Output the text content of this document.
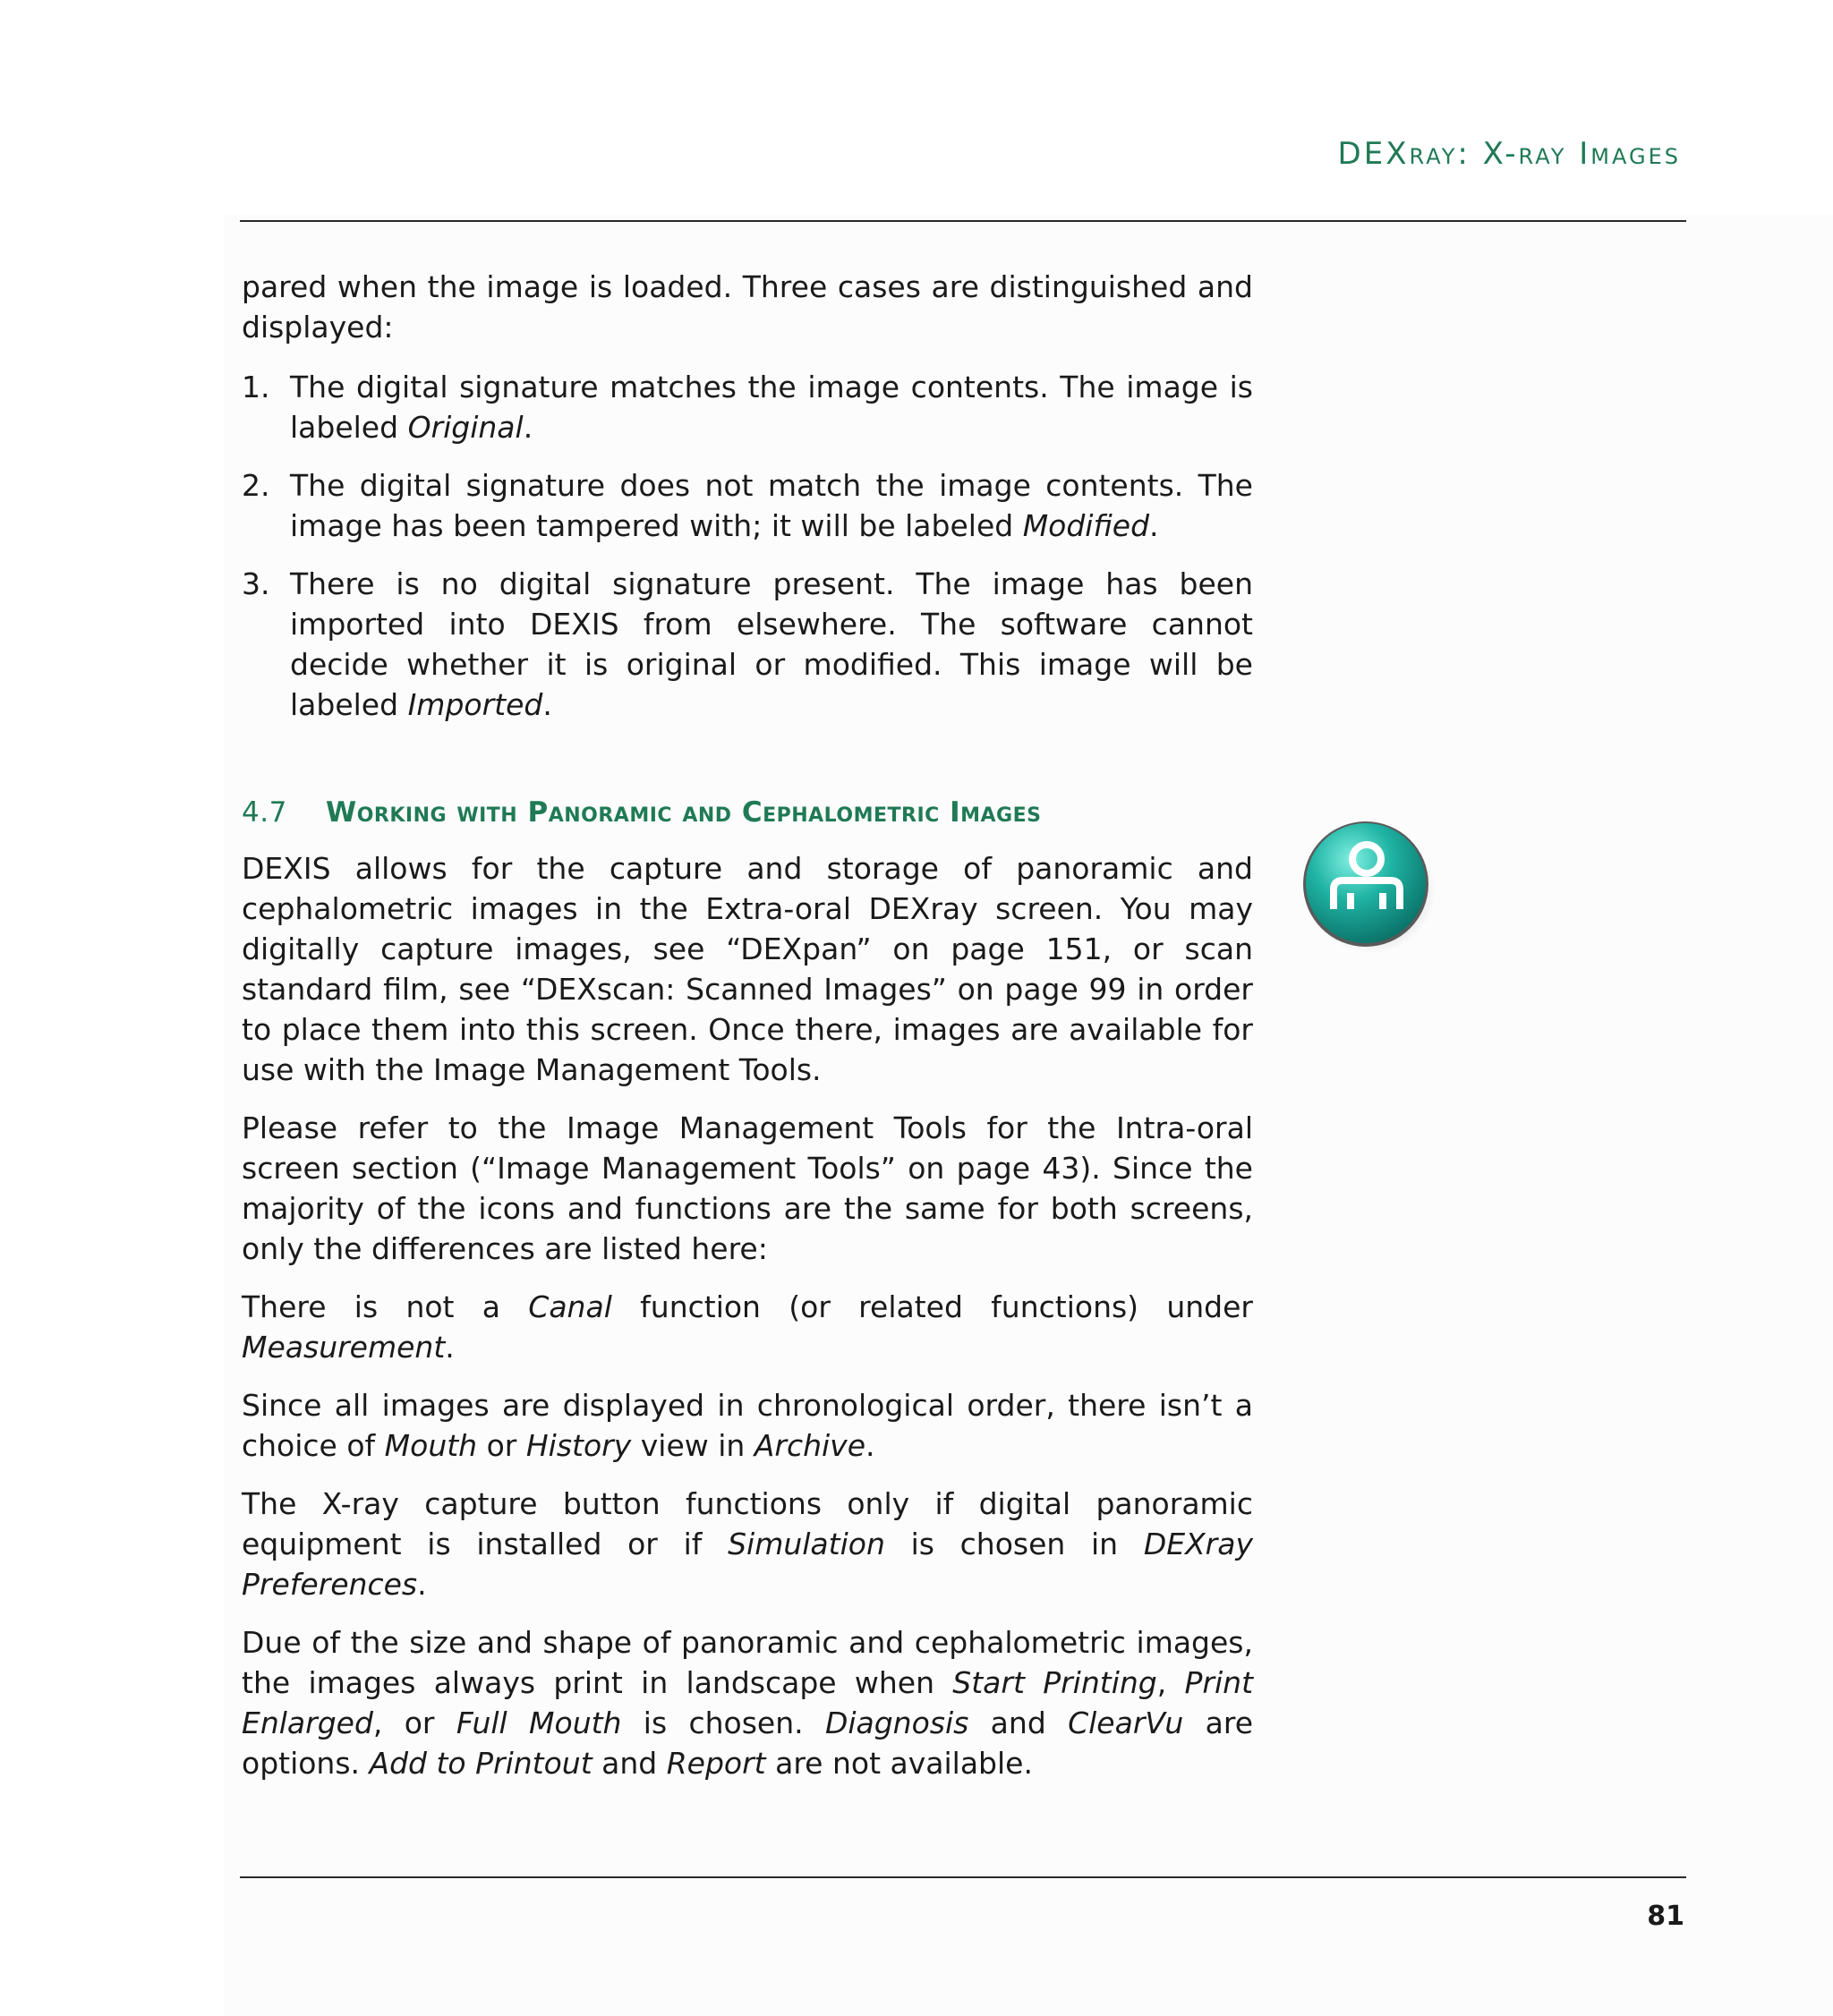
DEXray: X-ray Images

pared when the image is loaded. Three cases are distinguished and displayed:

1. The digital signature matches the image contents. The image is labeled Original.
2. The digital signature does not match the image contents. The image has been tampered with; it will be labeled Modified.
3. There is no digital signature present. The image has been imported into DEXIS from elsewhere. The software cannot decide whether it is original or modified. This image will be labeled Imported.
4.7	Working with Panoramic and Cephalometric Images

DEXIS allows for the capture and storage of panoramic and cephalometric images in the Extra-oral DEXray screen. You may digitally capture images, see “DEXpan” on page 151, or scan standard film, see “DEXscan: Scanned Images” on page 99 in order to place them into this screen. Once there, images are available for use with the Image Management Tools.

Please refer to the Image Management Tools for the Intra-oral screen section (“Image Management Tools” on page 43). Since the majority of the icons and functions are the same for both screens, only the differences are listed here:

There is not a Canal function (or related functions) under Measurement.

Since all images are displayed in chronological order, there isn’t a choice of Mouth or History view in Archive.

The X-ray capture button functions only if digital panoramic equipment is installed or if Simulation is chosen in DEXray Preferences.

Due of the size and shape of panoramic and cephalometric images, the images always print in landscape when Start Printing, Print Enlarged, or Full Mouth is chosen. Diagnosis and ClearVu are options. Add to Printout and Report are not available.

81
